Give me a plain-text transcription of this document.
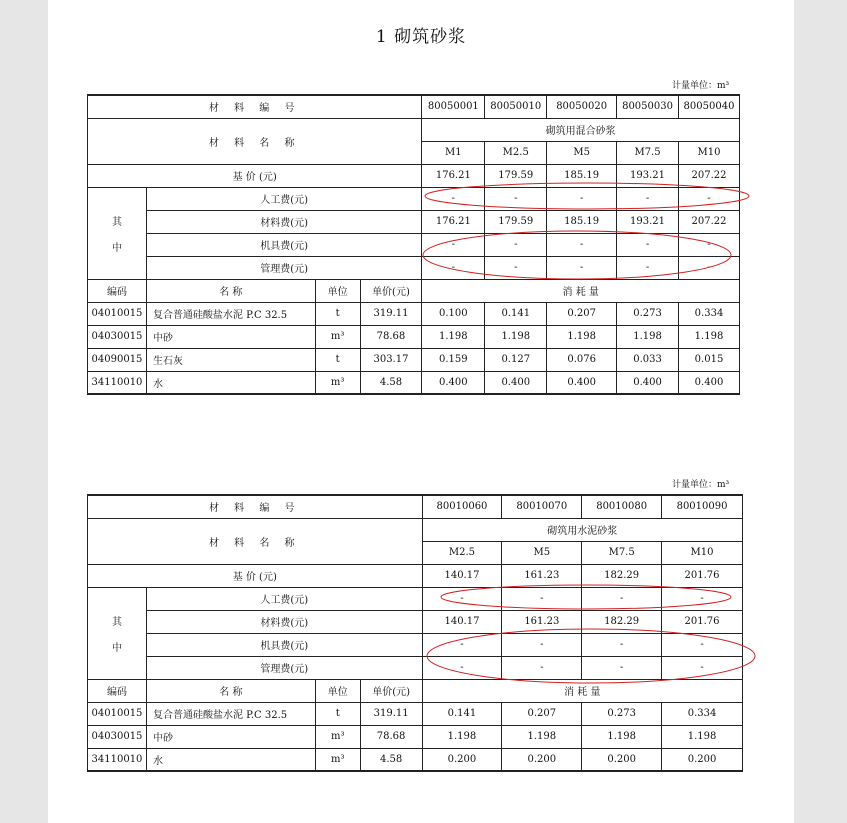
1 砌筑砂浆
计量单位：m³
材 料 编 号				80050001	80050010	80050020	80050030	80050040
材 料 名 称				砌筑用混合砂浆				
				M1	M2.5	M5	M7.5	M10
基 价 (元)				176.21	179.59	185.19	193.21	207.22
其

中	人工费(元)			-	-	-	-	-
	材料费(元)			176.21	179.59	185.19	193.21	207.22
	机具费(元)			-	-	-	-	-
	管理费(元)			-	-	-	-	-
编码	名 称	单位	单价(元)	消 耗 量				
04010015	复合普通硅酸盐水泥 P.C 32.5	t	319.11	0.100	0.141	0.207	0.273	0.334
04030015	中砂	m³	78.68	1.198	1.198	1.198	1.198	1.198
04090015	生石灰	t	303.17	0.159	0.127	0.076	0.033	0.015
34110010	水	m³	4.58	0.400	0.400	0.400	0.400	0.400
计量单位：m³
材 料 编 号				80010060	80010070	80010080	80010090
材 料 名 称				砌筑用水泥砂浆			
				M2.5	M5	M7.5	M10
基 价 (元)				140.17	161.23	182.29	201.76
其

中	人工费(元)			-	-	-	-
	材料费(元)			140.17	161.23	182.29	201.76
	机具费(元)			-	-	-	-
	管理费(元)			-	-	-	-
编码	名 称	单位	单价(元)	消 耗 量			
04010015	复合普通硅酸盐水泥 P.C 32.5	t	319.11	0.141	0.207	0.273	0.334
04030015	中砂	m³	78.68	1.198	1.198	1.198	1.198
34110010	水	m³	4.58	0.200	0.200	0.200	0.200
